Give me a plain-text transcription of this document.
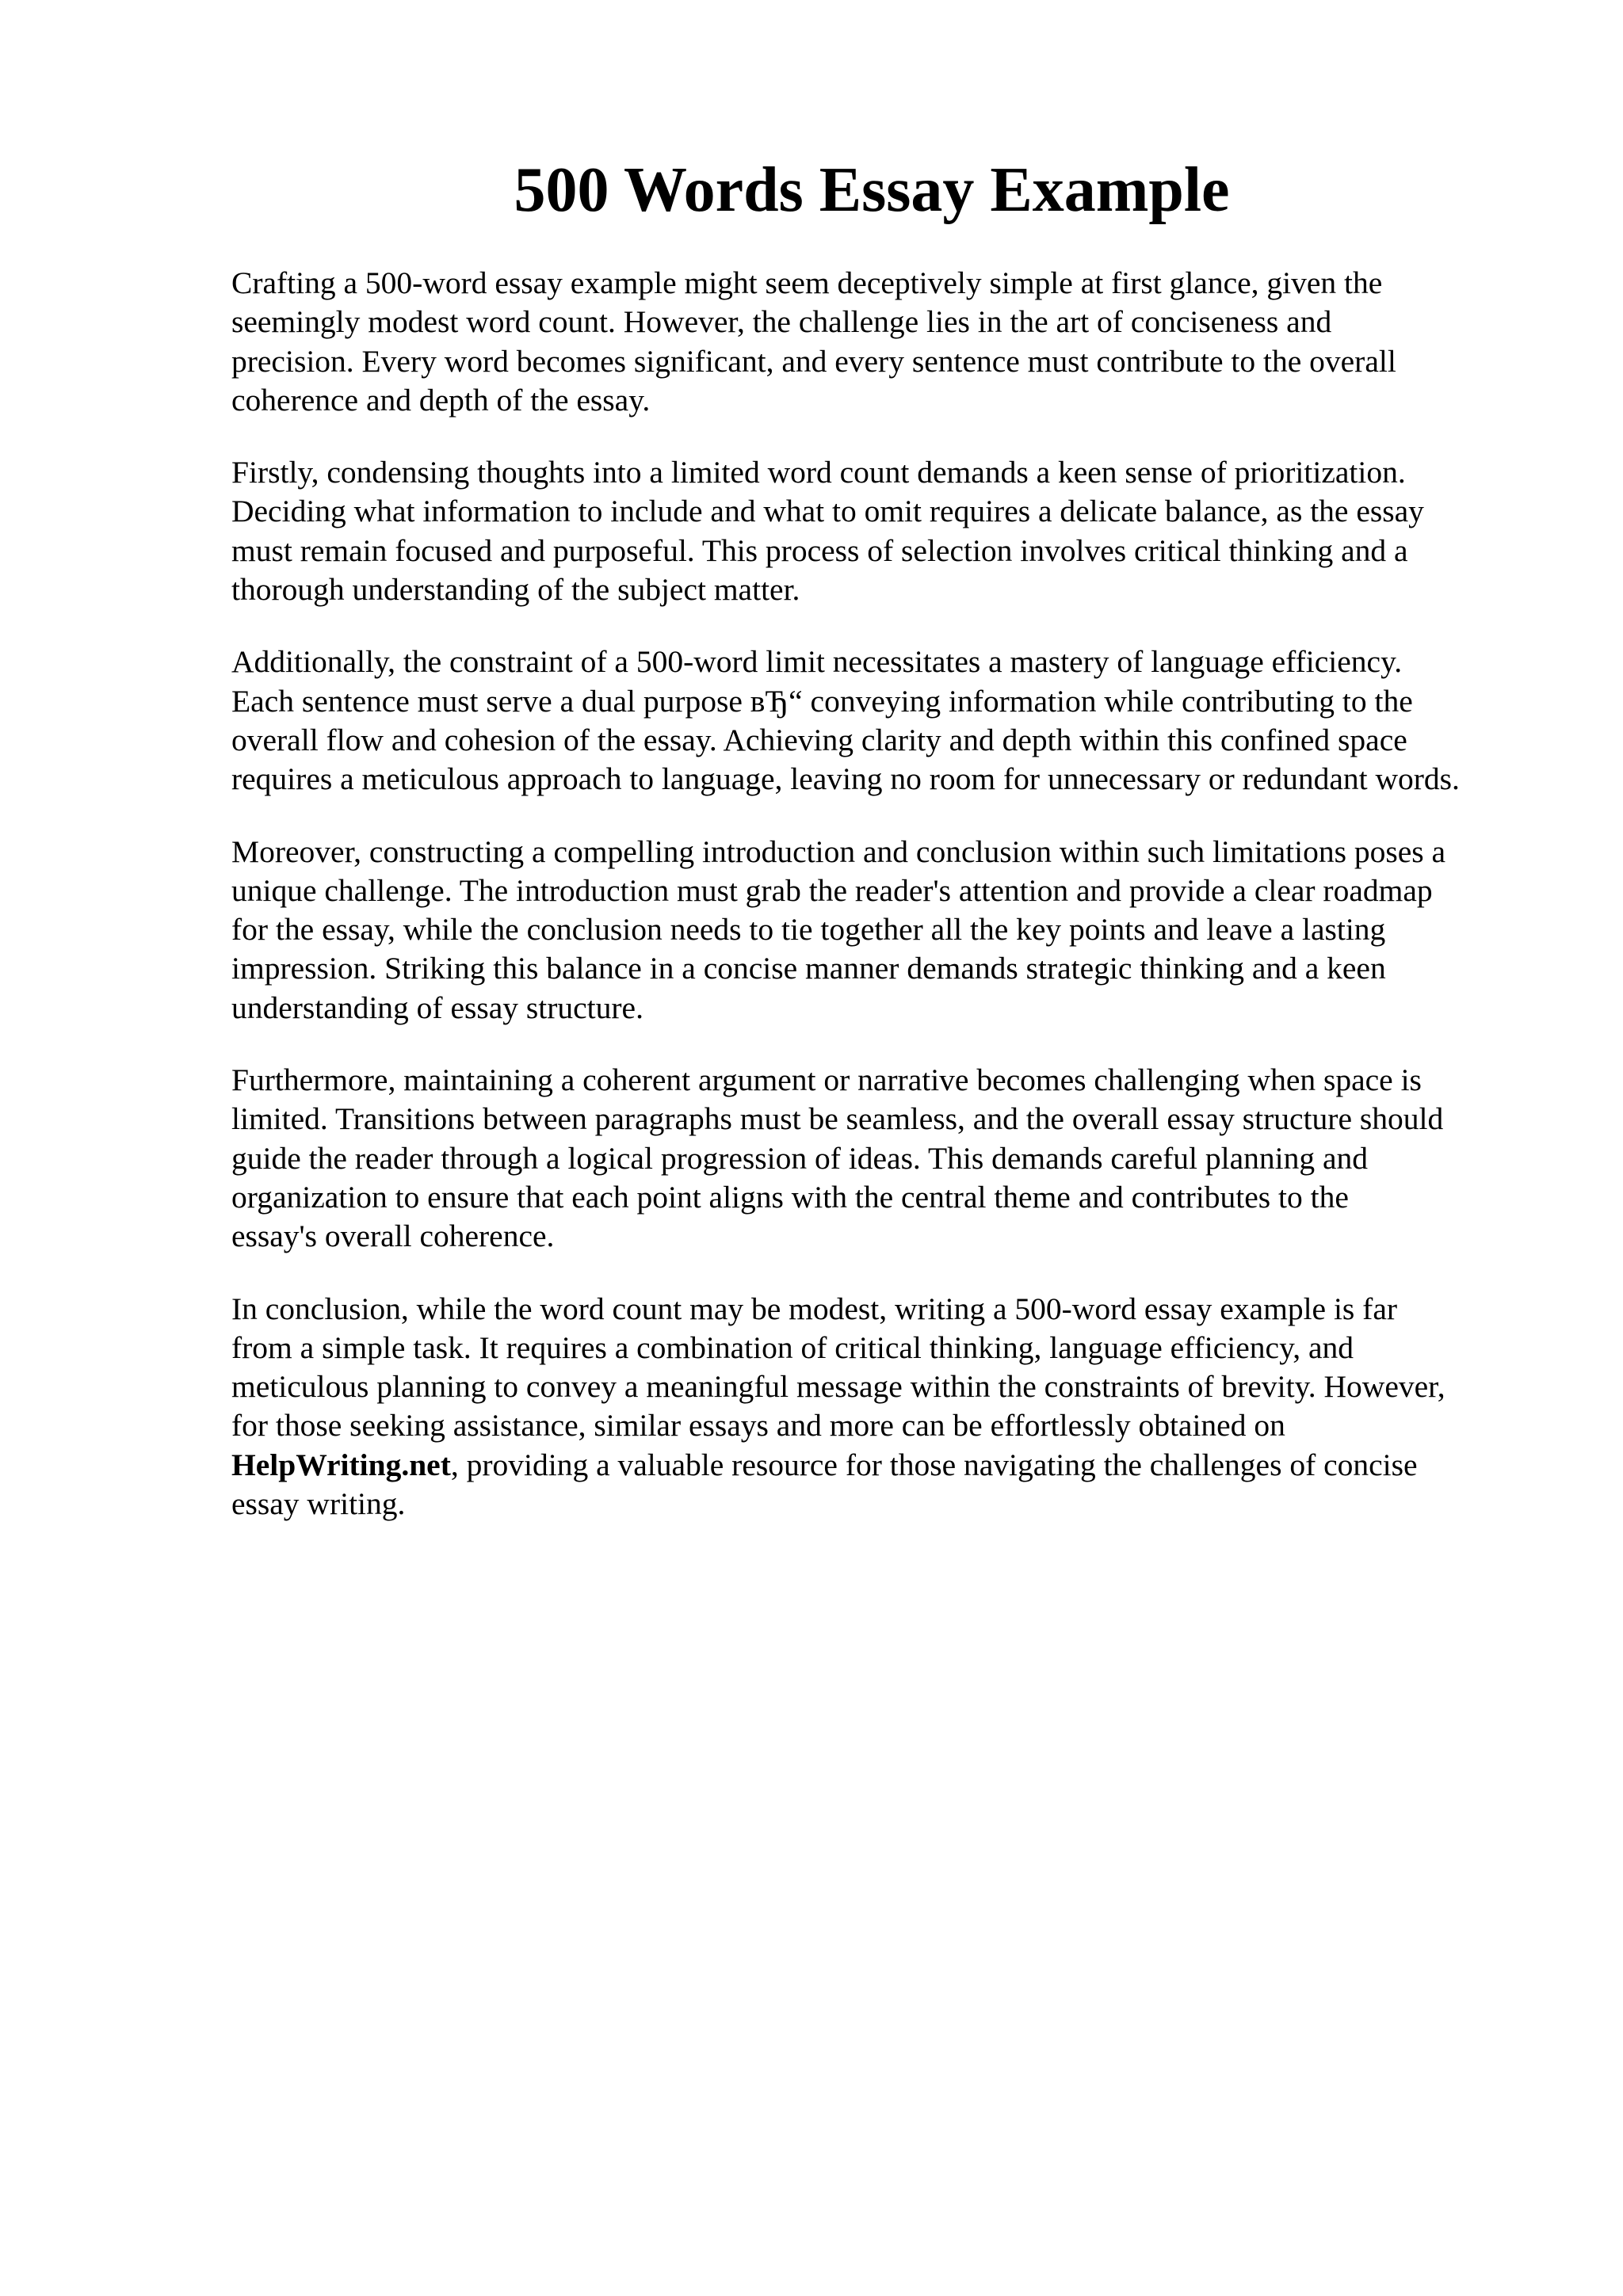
500 Words Essay Example

Crafting a 500-word essay example might seem deceptively simple at first glance, given the
seemingly modest word count. However, the challenge lies in the art of conciseness and
precision. Every word becomes significant, and every sentence must contribute to the overall
coherence and depth of the essay.

Firstly, condensing thoughts into a limited word count demands a keen sense of prioritization.
Deciding what information to include and what to omit requires a delicate balance, as the essay
must remain focused and purposeful. This process of selection involves critical thinking and a
thorough understanding of the subject matter.

Additionally, the constraint of a 500-word limit necessitates a mastery of language efficiency.
Each sentence must serve a dual purpose вЂ“ conveying information while contributing to the
overall flow and cohesion of the essay. Achieving clarity and depth within this confined space
requires a meticulous approach to language, leaving no room for unnecessary or redundant words.

Moreover, constructing a compelling introduction and conclusion within such limitations poses a
unique challenge. The introduction must grab the reader's attention and provide a clear roadmap
for the essay, while the conclusion needs to tie together all the key points and leave a lasting
impression. Striking this balance in a concise manner demands strategic thinking and a keen
understanding of essay structure.

Furthermore, maintaining a coherent argument or narrative becomes challenging when space is
limited. Transitions between paragraphs must be seamless, and the overall essay structure should
guide the reader through a logical progression of ideas. This demands careful planning and
organization to ensure that each point aligns with the central theme and contributes to the
essay's overall coherence.

In conclusion, while the word count may be modest, writing a 500-word essay example is far
from a simple task. It requires a combination of critical thinking, language efficiency, and
meticulous planning to convey a meaningful message within the constraints of brevity. However,
for those seeking assistance, similar essays and more can be effortlessly obtained on
HelpWriting.net, providing a valuable resource for those navigating the challenges of concise
essay writing.
